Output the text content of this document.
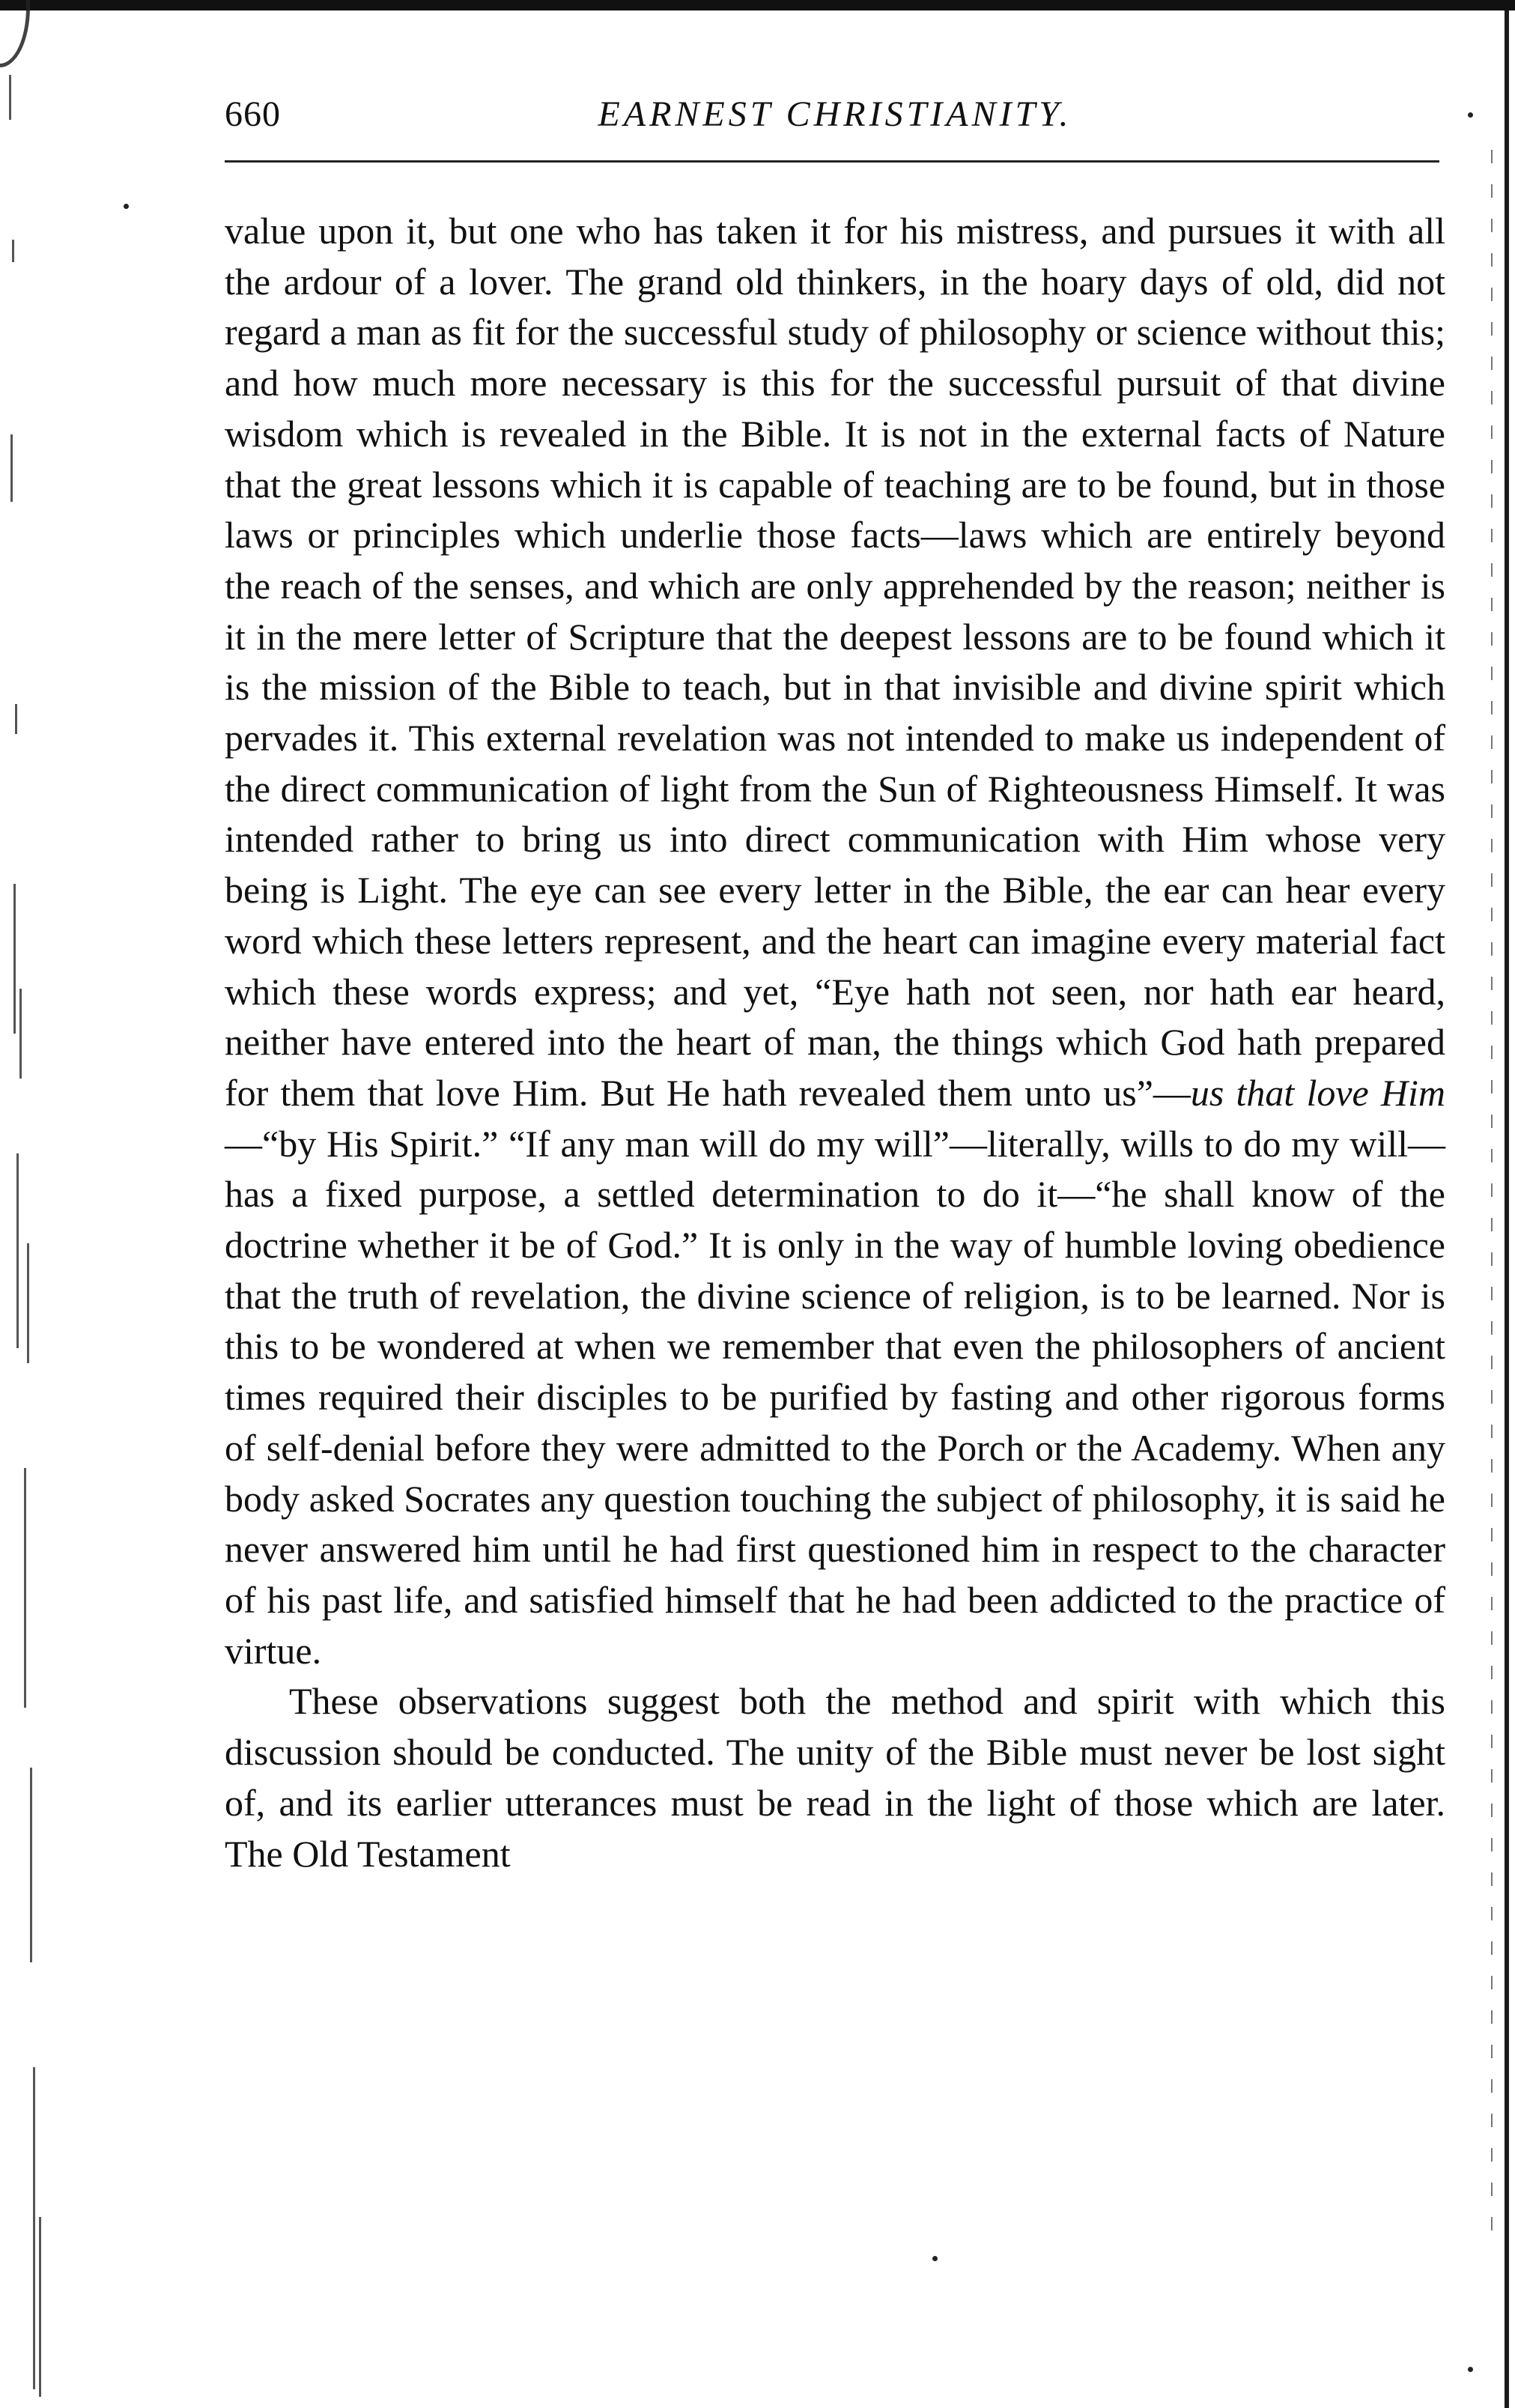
660	EARNEST CHRISTIANITY.

value upon it, but one who has taken it for his mistress, and pursues it with all the ardour of a lover. The grand old thinkers, in the hoary days of old, did not regard a man as fit for the successful study of philosophy or science without this; and how much more necessary is this for the successful pursuit of that divine wisdom which is revealed in the Bible. It is not in the external facts of Nature that the great lessons which it is capable of teaching are to be found, but in those laws or principles which underlie those facts—laws which are entirely beyond the reach of the senses, and which are only apprehended by the reason; neither is it in the mere letter of Scripture that the deepest lessons are to be found which it is the mission of the Bible to teach, but in that invisible and divine spirit which pervades it. This external revelation was not intended to make us independent of the direct communication of light from the Sun of Righteousness Himself. It was intended rather to bring us into direct communication with Him whose very being is Light. The eye can see every letter in the Bible, the ear can hear every word which these letters represent, and the heart can imagine every material fact which these words express; and yet, “Eye hath not seen, nor hath ear heard, neither have entered into the heart of man, the things which God hath prepared for them that love Him. But He hath revealed them unto us”—us that love Him—“by His Spirit.” “If any man will do my will”—literally, wills to do my will—has a fixed purpose, a settled determination to do it—“he shall know of the doctrine whether it be of God.” It is only in the way of humble loving obedience that the truth of revelation, the divine science of religion, is to be learned. Nor is this to be wondered at when we remember that even the philosophers of ancient times required their disciples to be purified by fasting and other rigorous forms of self-denial before they were admitted to the Porch or the Academy. When any body asked Socrates any question touching the subject of philosophy, it is said he never answered him until he had first questioned him in respect to the character of his past life, and satisfied himself that he had been addicted to the practice of virtue.

These observations suggest both the method and spirit with which this discussion should be conducted. The unity of the Bible must never be lost sight of, and its earlier utterances must be read in the light of those which are later. The Old Testament
